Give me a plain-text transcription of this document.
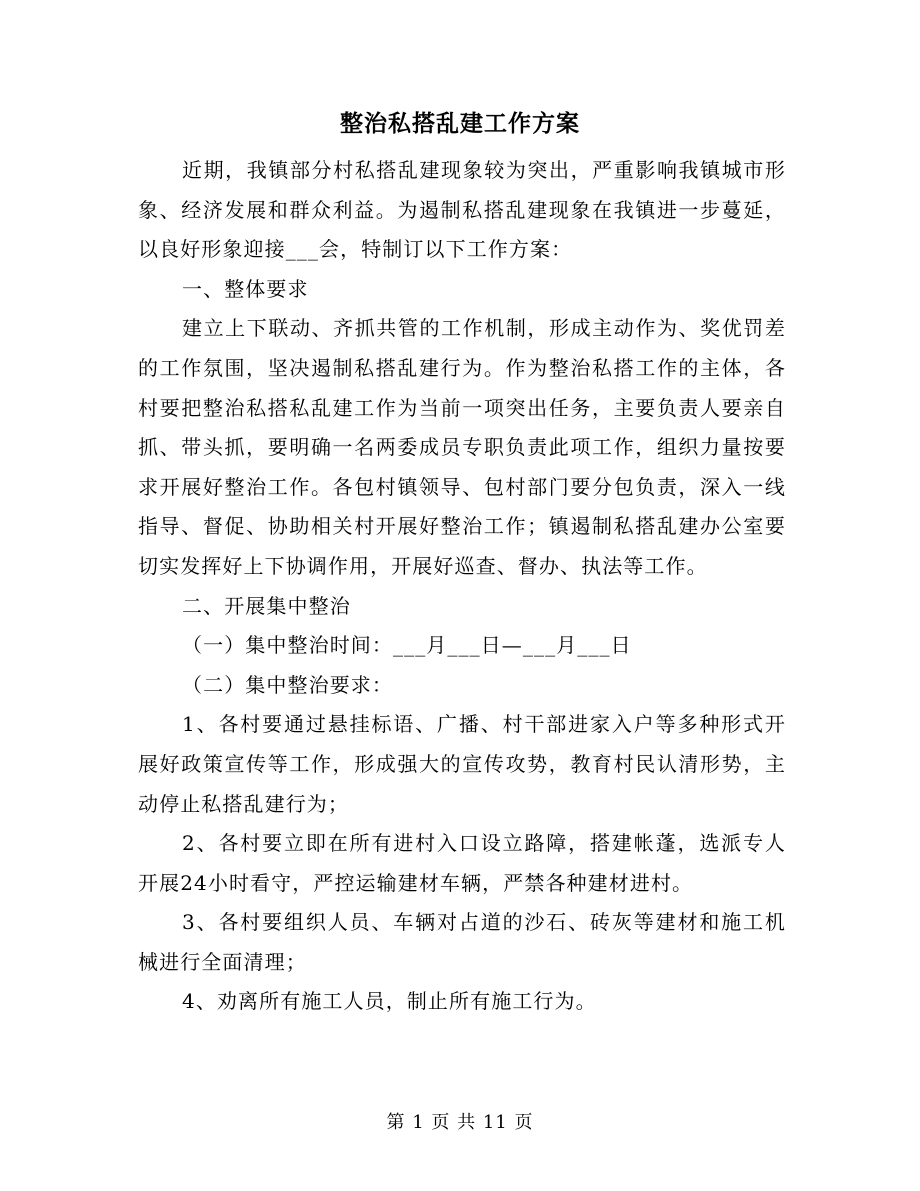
整治私搭乱建工作方案

近期，我镇部分村私搭乱建现象较为突出，严重影响我镇城市形象、经济发展和群众利益。为遏制私搭乱建现象在我镇进一步蔓延，以良好形象迎接___会，特制订以下工作方案：

一、整体要求

建立上下联动、齐抓共管的工作机制，形成主动作为、奖优罚差的工作氛围，坚决遏制私搭乱建行为。作为整治私搭工作的主体，各村要把整治私搭私乱建工作为当前一项突出任务，主要负责人要亲自抓、带头抓，要明确一名两委成员专职负责此项工作，组织力量按要求开展好整治工作。各包村镇领导、包村部门要分包负责，深入一线指导、督促、协助相关村开展好整治工作；镇遏制私搭乱建办公室要切实发挥好上下协调作用，开展好巡查、督办、执法等工作。

二、开展集中整治

（一）集中整治时间：___月___日—___月___日

（二）集中整治要求：

1、各村要通过悬挂标语、广播、村干部进家入户等多种形式开展好政策宣传等工作，形成强大的宣传攻势，教育村民认清形势，主动停止私搭乱建行为；

2、各村要立即在所有进村入口设立路障，搭建帐蓬，选派专人开展24小时看守，严控运输建材车辆，严禁各种建材进村。

3、各村要组织人员、车辆对占道的沙石、砖灰等建材和施工机械进行全面清理；

4、劝离所有施工人员，制止所有施工行为。

第 1 页 共 11 页
